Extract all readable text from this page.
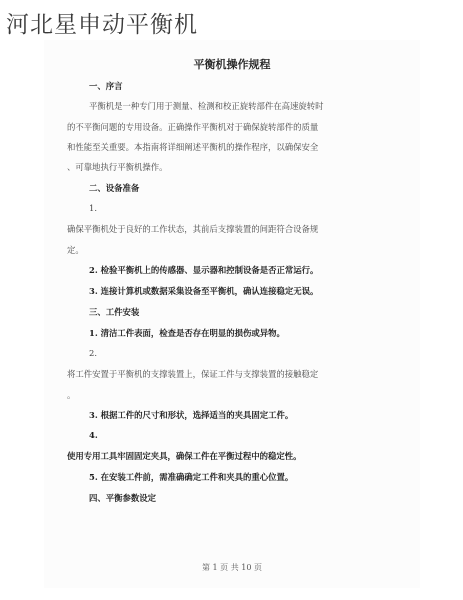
河北星申动平衡机
平衡机操作规程
一、序言
平衡机是一种专门用于测量、检测和校正旋转部件在高速旋转时
的不平衡问题的专用设备。正确操作平衡机对于确保旋转部件的质量
和性能至关重要。本指南将详细阐述平衡机的操作程序，以确保安全
、可靠地执行平衡机操作。
二、设备准备
1.
确保平衡机处于良好的工作状态，其前后支撑装置的间距符合设备规
定。
2. 检验平衡机上的传感器、显示器和控制设备是否正常运行。
3. 连接计算机或数据采集设备至平衡机，确认连接稳定无误。
三、工件安装
1. 清洁工件表面，检查是否存在明显的损伤或异物。
2.
将工件安置于平衡机的支撑装置上，保证工件与支撑装置的接触稳定
。
3. 根据工件的尺寸和形状，选择适当的夹具固定工件。
4.
使用专用工具牢固固定夹具，确保工件在平衡过程中的稳定性。
5. 在安装工件前，需准确确定工件和夹具的重心位置。
四、平衡参数设定
第 1 页 共 10 页
